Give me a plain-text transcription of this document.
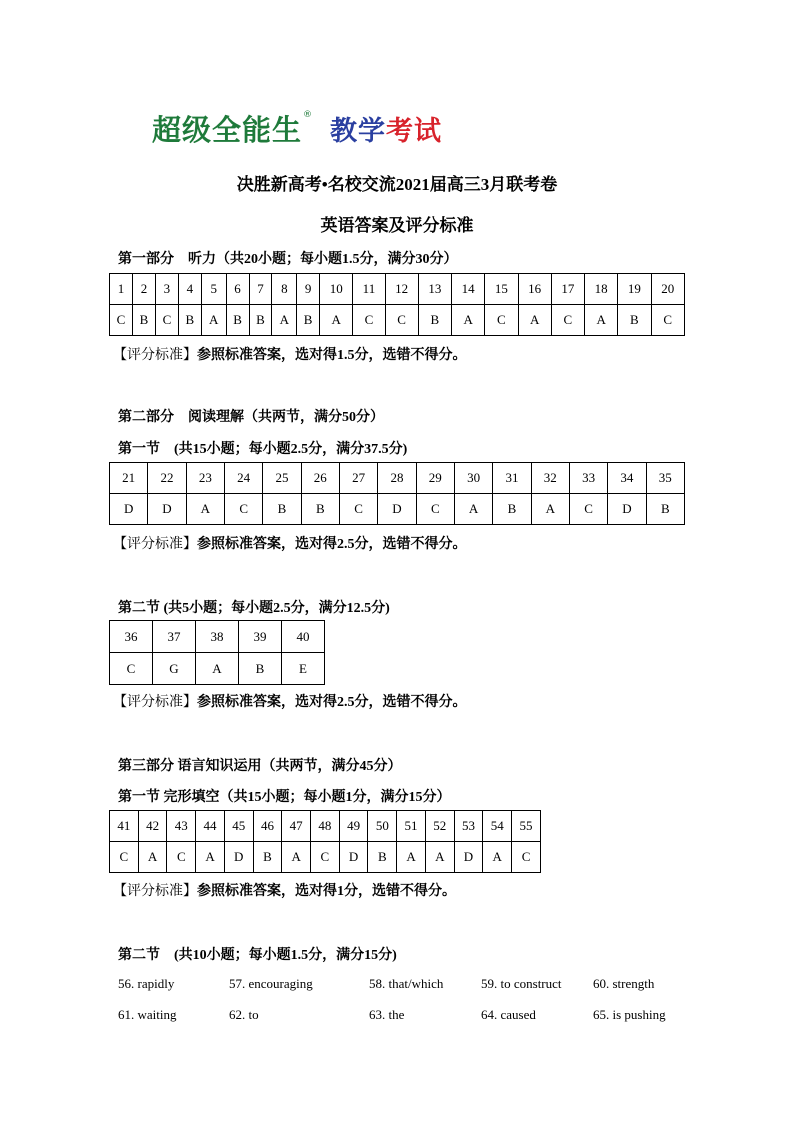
超级全能生 ®
教学考试
决胜新高考•名校交流2021届高三3月联考卷
英语答案及评分标准
第一部分　听力（共20小题；每小题1.5分，满分30分）
1	2	3	4	5	6	7	8	9	10	11	12	13	14	15	16	17	18	19	20
C	B	C	B	A	B	B	A	B	A	C	C	B	A	C	A	C	A	B	C
【评分标准】参照标准答案，选对得1.5分，选错不得分。
第二部分　阅读理解（共两节，满分50分）
第一节　(共15小题；每小题2.5分，满分37.5分)
21	22	23	24	25	26	27	28	29	30	31	32	33	34	35
D	D	A	C	B	B	C	D	C	A	B	A	C	D	B
【评分标准】参照标准答案，选对得2.5分，选错不得分。
第二节 (共5小题；每小题2.5分，满分12.5分)
36	37	38	39	40
C	G	A	B	E
【评分标准】参照标准答案，选对得2.5分，选错不得分。
第三部分 语言知识运用（共两节，满分45分）
第一节 完形填空（共15小题；每小题1分，满分15分）
41	42	43	44	45	46	47	48	49	50	51	52	53	54	55
C	A	C	A	D	B	A	C	D	B	A	A	D	A	C
【评分标准】参照标准答案，选对得1分，选错不得分。
第二节　(共10小题；每小题1.5分，满分15分)
56. rapidly	57. encouraging	58. that/which	59. to construct 60. strength
61. waiting	62. to	63. the	64. caused	65. is pushing
